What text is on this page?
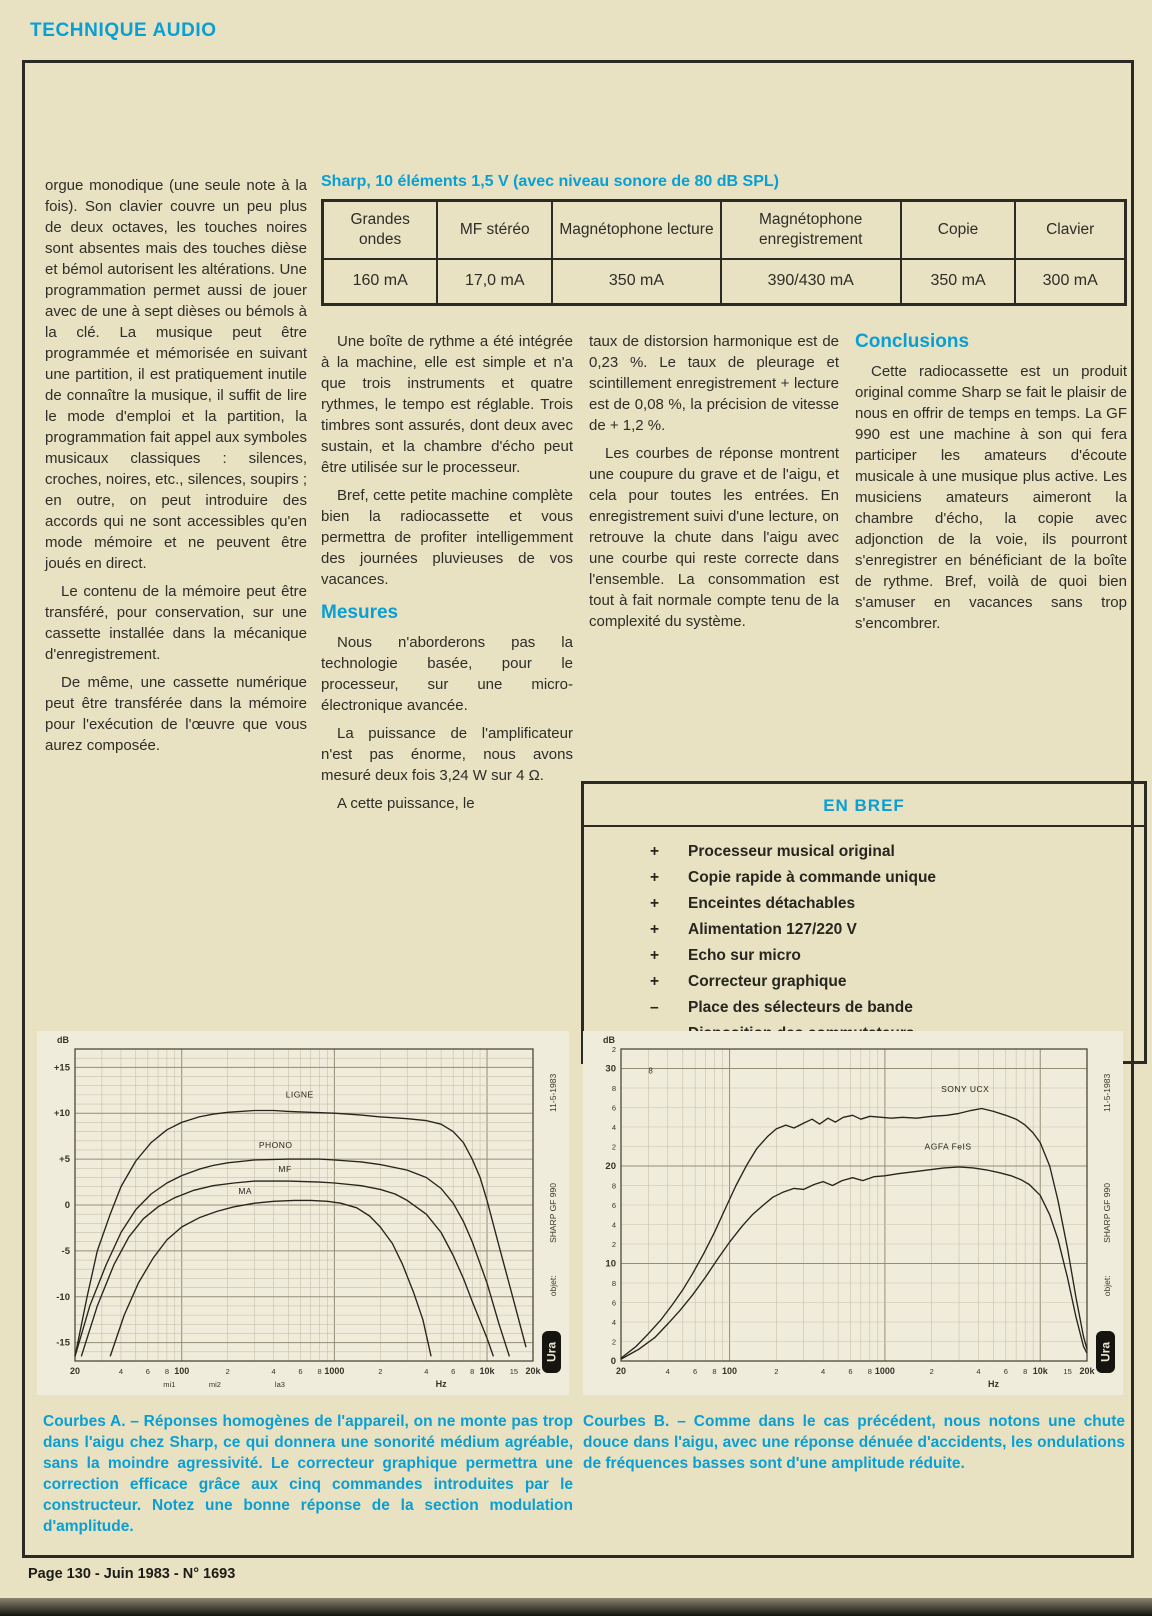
TECHNIQUE AUDIO

orgue monodique (une seule note à la fois). Son clavier couvre un peu plus de deux octaves, les touches noires sont absentes mais des touches dièse et bémol autorisent les altérations. Une programmation permet aussi de jouer avec de une à sept dièses ou bémols à la clé. La musique peut être programmée et mémorisée en suivant une partition, il est pratiquement inutile de connaître la musique, il suffit de lire le mode d'emploi et la partition, la programmation fait appel aux symboles musicaux classiques : silences, croches, noires, etc., silences, soupirs ; en outre, on peut introduire des accords qui ne sont accessibles qu'en mode mémoire et ne peuvent être joués en direct.

Le contenu de la mémoire peut être transféré, pour conservation, sur une cassette installée dans la mécanique d'enregistrement.

De même, une cassette numérique peut être transférée dans la mémoire pour l'exécution de l'œuvre que vous aurez composée.

Sharp, 10 éléments 1,5 V (avec niveau sonore de 80 dB SPL)
Grandes ondes	MF stéréo	Magnétophone lecture	Magnétophone enregistrement	Copie	Clavier
160 mA	17,0 mA	350 mA	390/430 mA	350 mA	300 mA

Une boîte de rythme a été intégrée à la machine, elle est simple et n'a que trois instruments et quatre rythmes, le tempo est réglable. Trois timbres sont assurés, dont deux avec sustain, et la chambre d'écho peut être utilisée sur le processeur.

Bref, cette petite machine complète bien la radiocassette et vous permettra de profiter intelligemment des journées pluvieuses de vos vacances.

Mesures

Nous n'aborderons pas la technologie basée, pour le processeur, sur une micro-électronique avancée.

La puissance de l'amplificateur n'est pas énorme, nous avons mesuré deux fois 3,24 W sur 4 Ω.

A cette puissance, le

taux de distorsion harmonique est de 0,23 %. Le taux de pleurage et scintillement enregistrement + lecture est de 0,08 %, la précision de vitesse de + 1,2 %.

Les courbes de réponse montrent une coupure du grave et de l'aigu, et cela pour toutes les entrées. En enregistrement suivi d'une lecture, on retrouve la chute dans l'aigu avec une courbe qui reste correcte dans l'ensemble. La consommation est tout à fait normale compte tenu de la complexité du système.

Conclusions

Cette radiocassette est un produit original comme Sharp se fait le plaisir de nous en offrir de temps en temps. La GF 990 est une machine à son qui fera participer les amateurs d'écoute musicale à une musique plus active. Les musiciens amateurs aimeront la chambre d'écho, la copie avec adjonction de la voie, ils pourront s'enregistrer en bénéficiant de la boîte de rythme. Bref, voilà de quoi bien s'amuser en vacances sans trop s'encombrer.

EN BREF
+	Processeur musical original
+	Copie rapide à commande unique
+	Enceintes détachables
+	Alimentation 127/220 V
+	Echo sur micro
+	Correcteur graphique
–	Place des sélecteurs de bande
+15
+10
+5
0
-5
-10
-15
dB
20	4	6 8 100	2	4	6 8 1000	2	4	6 8 10k 15 20k
mi1	mi2	la3	Hz
LIGNE
PHONO
MF
MA
11-5-1983
SHARP GF 990
objet:
Ura
2
30
8
6
4
2
20
8
6
4
2
10
8
6
4
2
0
dB
20	4	6 8 100	2	4	6 8 1000	2	4	6 8 10k 15 20k
Hz
SONY UCX
AGFA FeIS
8
11-5-1983
SHARP GF 990
objet:
Ura
Courbes A. – Réponses homogènes de l'appareil, on ne monte pas trop dans l'aigu chez Sharp, ce qui donnera une sonorité médium agréable, sans la moindre agressivité. Le correcteur graphique permettra une correction efficace grâce aux cinq commandes introduites par le constructeur. Notez une bonne réponse de la section modulation d'amplitude.
Courbes B. – Comme dans le cas précédent, nous notons une chute douce dans l'aigu, avec une réponse dénuée d'accidents, les ondulations de fréquences basses sont d'une amplitude réduite.
Page 130 - Juin 1983 - N° 1693
